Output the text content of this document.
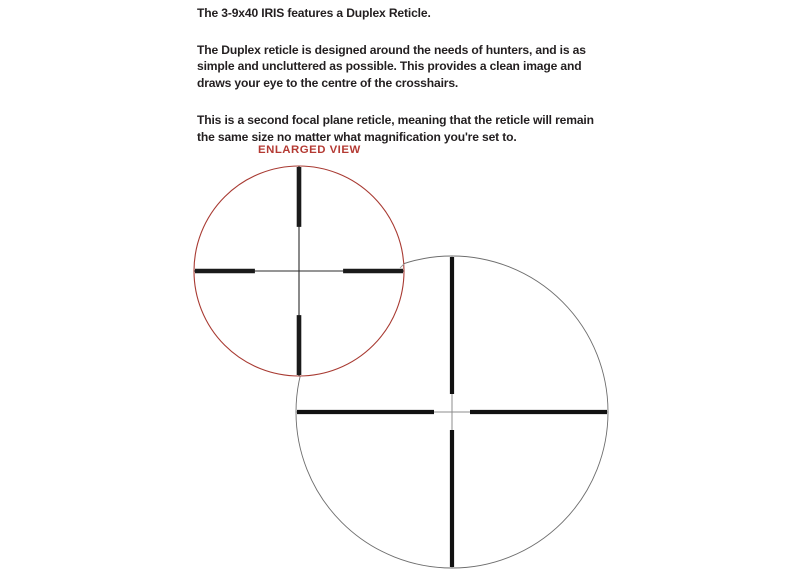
The 3-9x40 IRIS features a Duplex Reticle.

The Duplex reticle is designed around the needs of hunters, and is as simple and uncluttered as possible. This provides a clean image and draws your eye to the centre of the crosshairs.

This is a second focal plane reticle, meaning that the reticle will remain the same size no matter what magnification you're set to.

ENLARGED VIEW
